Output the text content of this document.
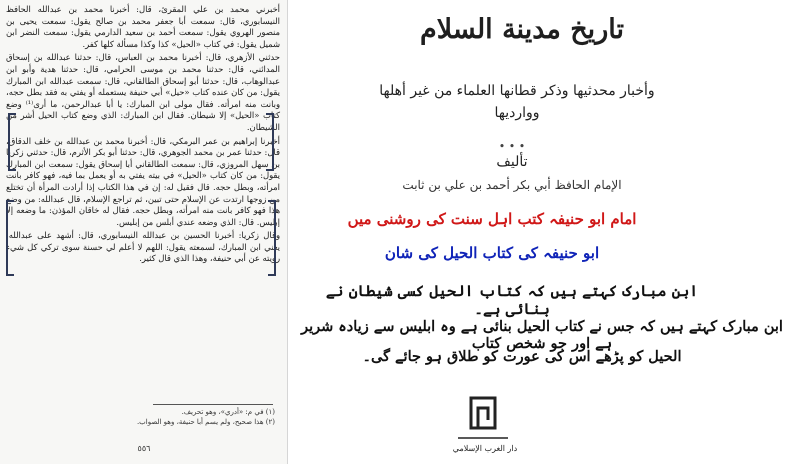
أخبرني محمد بن علي المقرئ، قال: أخبرنا محمد بن عبدالله الحافظ النيسابوري، قال: سمعت أبا جعفر محمد بن صالح يقول: سمعت يحيى بن منصور الهروي يقول: سمعت أحمد بن سعيد الدارمي يقول: سمعت النضر ابن شميل يقول: في كتاب «الحيل» كذا وكذا مسألة كلها كفر.

حدثني الأزهري، قال: أخبرنا محمد بن العباس، قال: حدثنا عبدالله بن إسحاق المدائني، قال: حدثنا محمد بن موسى الحرامي، قال: حدثنا هدية وأبو ابن عبدالوهاب، قال: حدثنا أبو إسحاق الطالقاني، قال: سمعت عبدالله ابن المبارك يقول: من كان عنده كتاب «حيل» أبي حنيفة يستعمله أو يفتي به فقد بطل حجه، وبانت منه امرأته. فقال مولى ابن المبارك: يا أبا عبدالرحمن، ما أرى⁽¹⁾ وضع كتاب «الحيل» إلا شيطان. فقال ابن المبارك: الذي وضع كتاب الحيل أشر من الشيطان.

أخبرنا إبراهيم بن عمر البرمكي، قال: أخبرنا محمد بن عبدالله بن خلف الدقاق، قال: حدثنا عمر بن محمد الجوهري، قال: حدثنا أبو بكر الأثرم، قال: حدثني زكريا بن سهل المروزي، قال: سمعت الطالقاني أبا إسحاق يقول: سمعت ابن المبارك يقول: من كان كتاب «الحيل» في بيته يفتي به أو يعمل بما فيه، فهو كافر بانت امرأته، وبطل حجه. قال فقيل له: إن في هذا الكتاب إذا أرادت المرأة أن تختلع من زوجها ارتدت عن الإسلام حتى تبين، ثم تراجع الإسلام، قال عبدالله: من وضع هذا فهو كافر بانت منه امرأته، وبطل حجه. فقال له خاقان المؤذن: ما وضعه إلا إبليس. قال: الذي وضعه عندي أبلس من إبليس.

وقال زكريا: أخبرنا الحسين بن عبدالله النيسابوري، قال: أشهد على عبدالله، يعني ابن المبارك، لسمعته يقول: اللهم لا أعلم لي حسنة سوى تركي كل شيء رويته عن أبي حنيفة، وهذا الذي قال كثير.

(١) في م: «أدري»، وهو تحريف.
(٢) هذا صحيح، ولم يسم أبا حنيفة، وهو الصواب.
٥٥٦
تاريخ مدينة السلام
وأخبار محدثيها وذكر قطانها العلماء من غير أهلها ووارديها
• • •
تأليف
الإمام الحافظ أبي بكر أحمد بن علي بن ثابت
امام ابو حنیفہ کتب اہل سنت کی روشنی میں
ابو حنیفہ کی کتاب الحیل کی شان
ابن مبارک کہتے ہیں کہ کتاب الحیل کسی شیطان نے بنائی ہے۔
ابن مبارک کہتے ہیں کہ جس نے کتاب الحیل بنائی ہے وہ ابلیس سے زیادہ شریر ہے اور جو شخص کتاب
الحیل کو پڑھے اس کی عورت کو طلاق ہو جائے گی۔
دار الغرب الإسلامي
